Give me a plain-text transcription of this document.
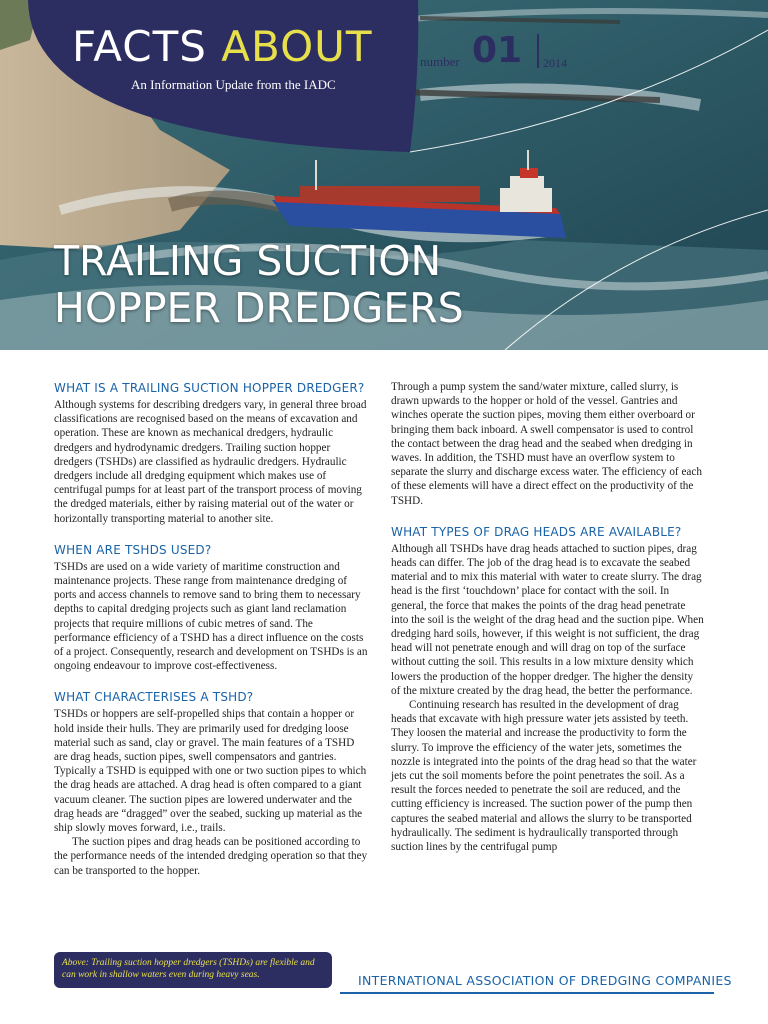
FACTS ABOUT
An Information Update from the IADC
number 01 2014
TRAILING SUCTION
HOPPER DREDGERS
WHAT IS A TRAILING SUCTION HOPPER DREDGER?

Although systems for describing dredgers vary, in general three broad classifications are recognised based on the means of excavation and operation. These are known as mechanical dredgers, hydraulic dredgers and hydrodynamic dredgers. Trailing suction hopper dredgers (TSHDs) are classified as hydraulic dredgers. Hydraulic dredgers include all dredging equipment which makes use of centrifugal pumps for at least part of the transport process of moving the dredged materials, either by raising material out of the water or horizontally transporting material to another site.

WHEN ARE TSHDS USED?

TSHDs are used on a wide variety of maritime construction and maintenance projects. These range from maintenance dredging of ports and access channels to remove sand to bring them to necessary depths to capital dredging projects such as giant land reclamation projects that require millions of cubic metres of sand. The performance efficiency of a TSHD has a direct influence on the costs of a project. Consequently, research and development on TSHDs is an ongoing endeavour to improve cost-effectiveness.

WHAT CHARACTERISES A TSHD?

TSHDs or hoppers are self-propelled ships that contain a hopper or hold inside their hulls. They are primarily used for dredging loose material such as sand, clay or gravel. The main features of a TSHD are drag heads, suction pipes, swell compensators and gantries. Typically a TSHD is equipped with one or two suction pipes to which the drag heads are attached. A drag head is often compared to a giant vacuum cleaner. The suction pipes are lowered underwater and the drag heads are “dragged” over the seabed, sucking up material as the ship slowly moves forward, i.e., trails.

The suction pipes and drag heads can be positioned according to the performance needs of the intended dredging operation so that they can be transported to the hopper.

Through a pump system the sand/water mixture, called slurry, is drawn upwards to the hopper or hold of the vessel. Gantries and winches operate the suction pipes, moving them either overboard or bringing them back inboard. A swell compensator is used to control the contact between the drag head and the seabed when dredging in waves. In addition, the TSHD must have an overflow system to separate the slurry and discharge excess water. The efficiency of each of these elements will have a direct effect on the productivity of the TSHD.

WHAT TYPES OF DRAG HEADS ARE AVAILABLE?

Although all TSHDs have drag heads attached to suction pipes, drag heads can differ. The job of the drag head is to excavate the seabed material and to mix this material with water to create slurry. The drag head is the first ‘touchdown’ place for contact with the soil. In general, the force that makes the points of the drag head penetrate into the soil is the weight of the drag head and the suction pipe. When dredging hard soils, however, if this weight is not sufficient, the drag head will not penetrate enough and will drag on top of the surface without cutting the soil. This results in a low mixture density which lowers the production of the hopper dredger. The higher the density of the mixture created by the drag head, the better the performance.

Continuing research has resulted in the development of drag heads that excavate with high pressure water jets assisted by teeth. They loosen the material and increase the productivity to form the slurry. To improve the efficiency of the water jets, sometimes the nozzle is integrated into the points of the drag head so that the water jets cut the soil moments before the point penetrates the soil. As a result the forces needed to penetrate the soil are reduced, and the cutting efficiency is increased. The suction power of the pump then captures the seabed material and allows the slurry to be transported hydraulically. The sediment is hydraulically transported through suction lines by the centrifugal pump

Above: Trailing suction hopper dredgers (TSHDs) are flexible and can work in shallow waters even during heavy seas.	INTERNATIONAL ASSOCIATION OF DREDGING COMPANIES
